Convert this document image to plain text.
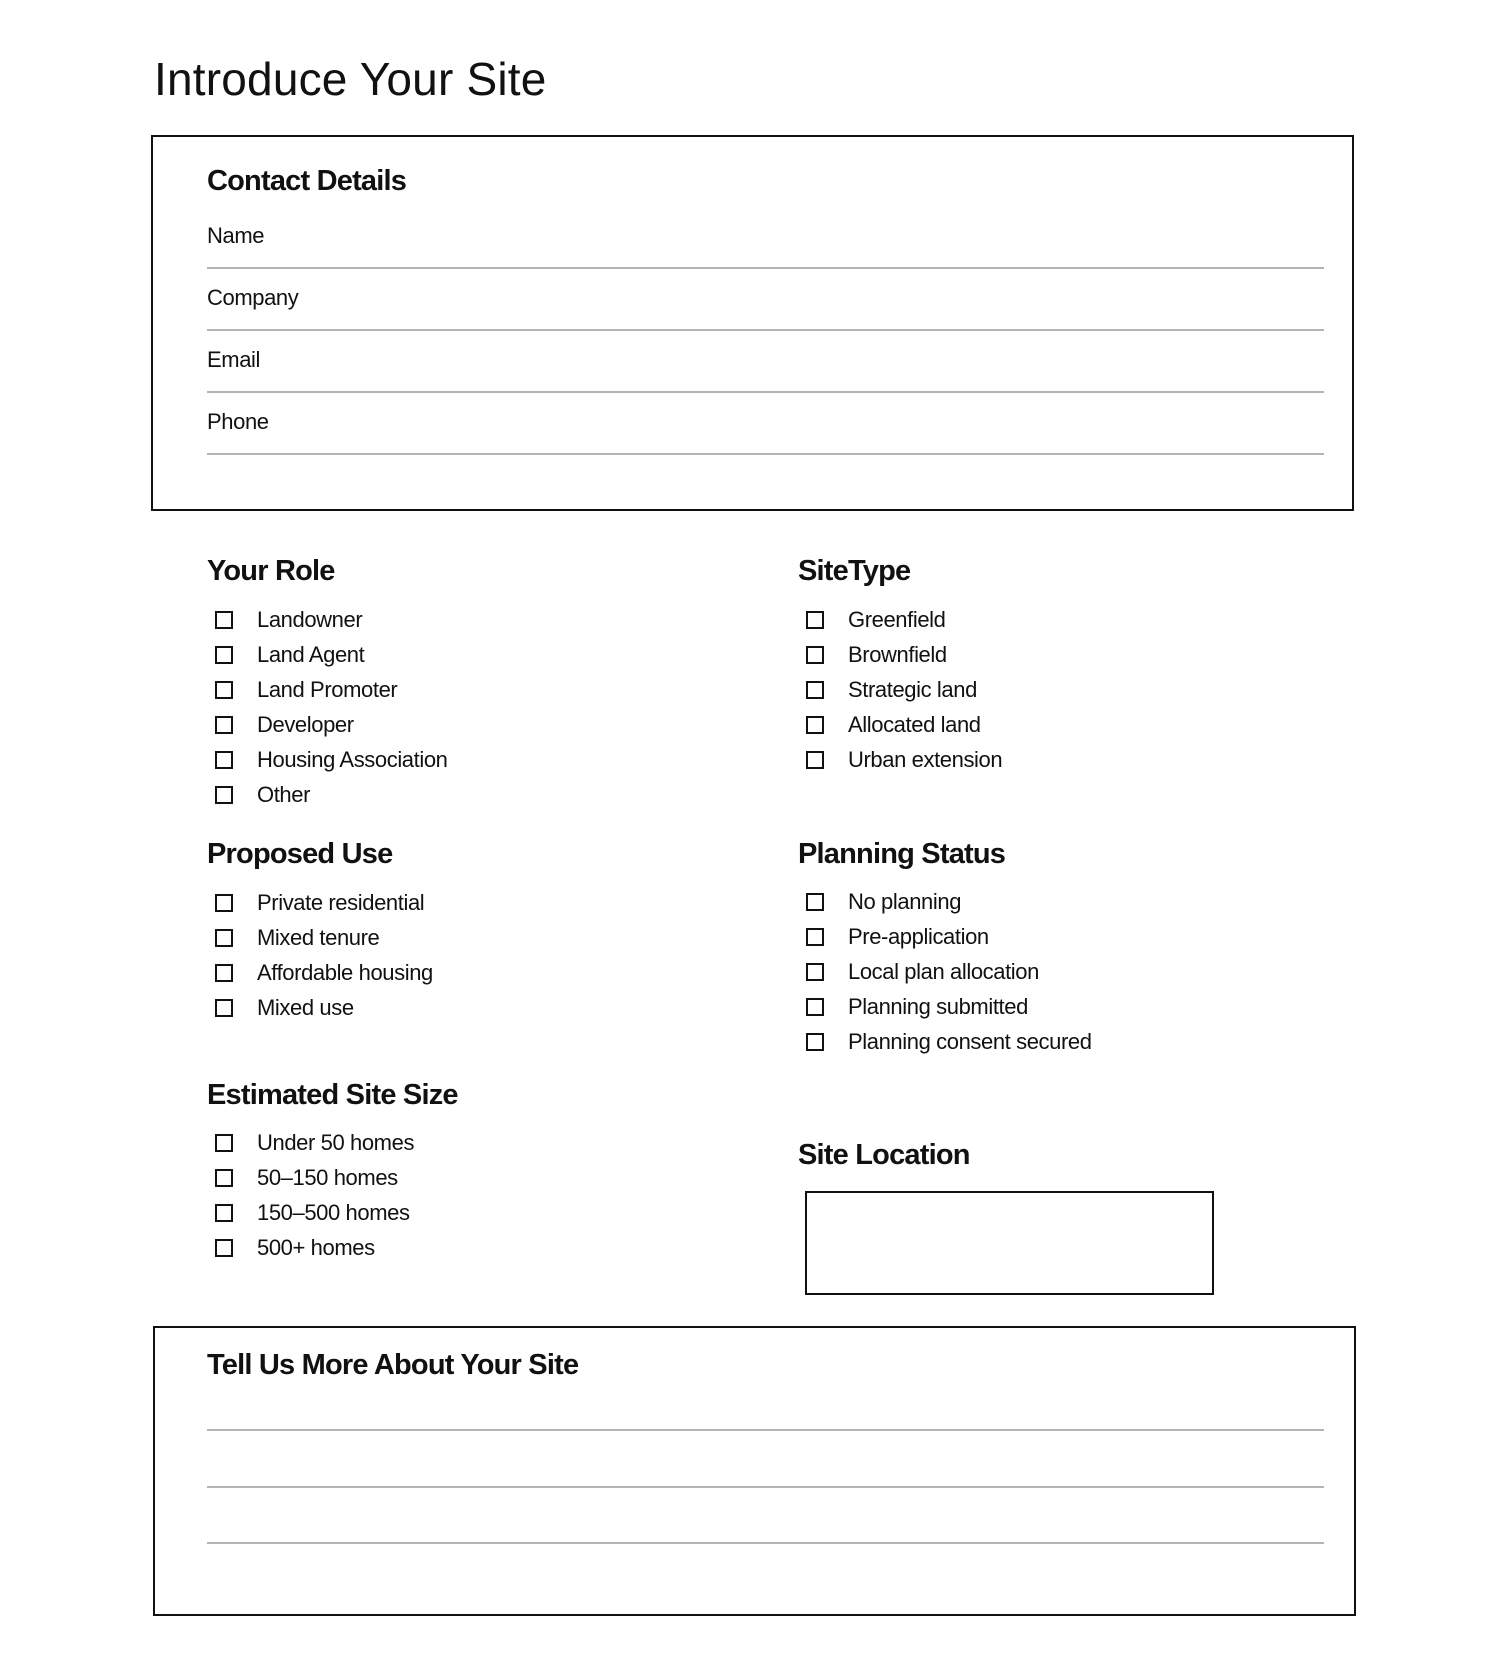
Introduce Your Site
Contact Details
Name
Company
Email
Phone
Your Role
Landowner
Land Agent
Land Promoter
Developer
Housing Association
Other
SiteType
Greenfield
Brownfield
Strategic land
Allocated land
Urban extension
Proposed Use
Private residential
Mixed tenure
Affordable housing
Mixed use
Planning Status
No planning
Pre-application
Local plan allocation
Planning submitted
Planning consent secured
Estimated Site Size
Under 50 homes
50–150 homes
150–500 homes
500+ homes
Site Location
Tell Us More About Your Site
